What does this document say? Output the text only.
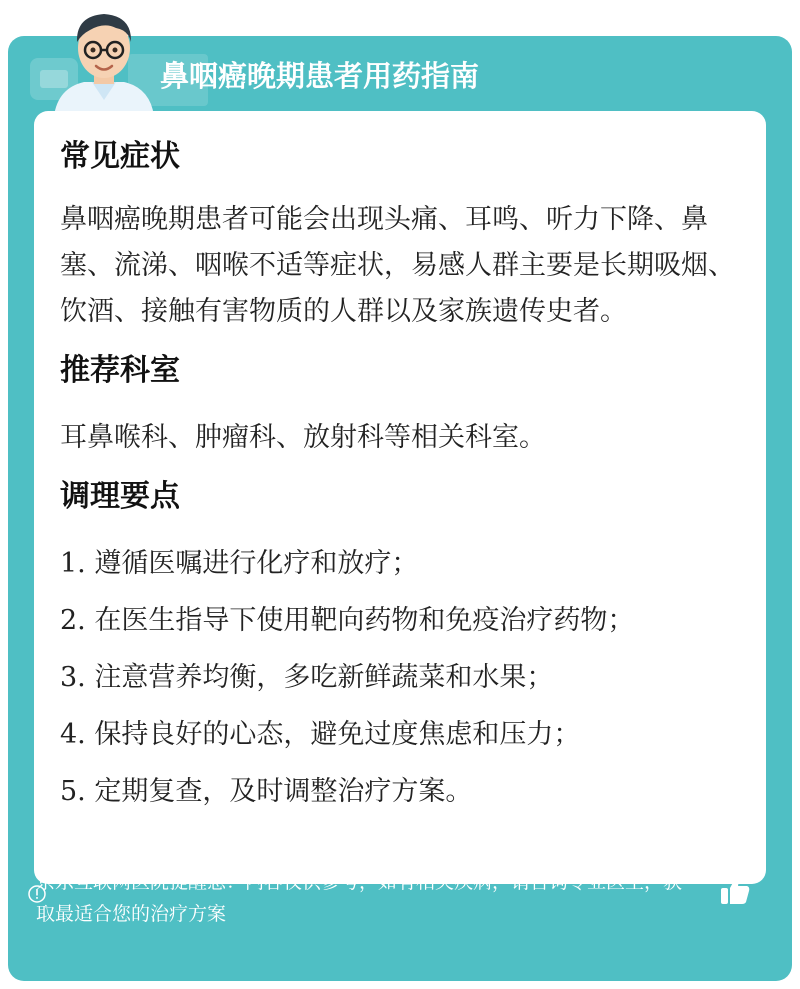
鼻咽癌晚期患者用药指南
常见症状

鼻咽癌晚期患者可能会出现头痛、耳鸣、听力下降、鼻塞、流涕、咽喉不适等症状，易感人群主要是长期吸烟、饮酒、接触有害物质的人群以及家族遗传史者。

推荐科室

耳鼻喉科、肿瘤科、放射科等相关科室。

调理要点
1. 遵循医嘱进行化疗和放疗；
2. 在医生指导下使用靶向药物和免疫治疗药物；
3. 注意营养均衡，多吃新鲜蔬菜和水果；
4. 保持良好的心态，避免过度焦虑和压力；
5. 定期复查，及时调整治疗方案。
京东互联网医院提醒您：内容仅供参考，如有相关疾病，请咨询专业医生，获取最适合您的治疗方案
